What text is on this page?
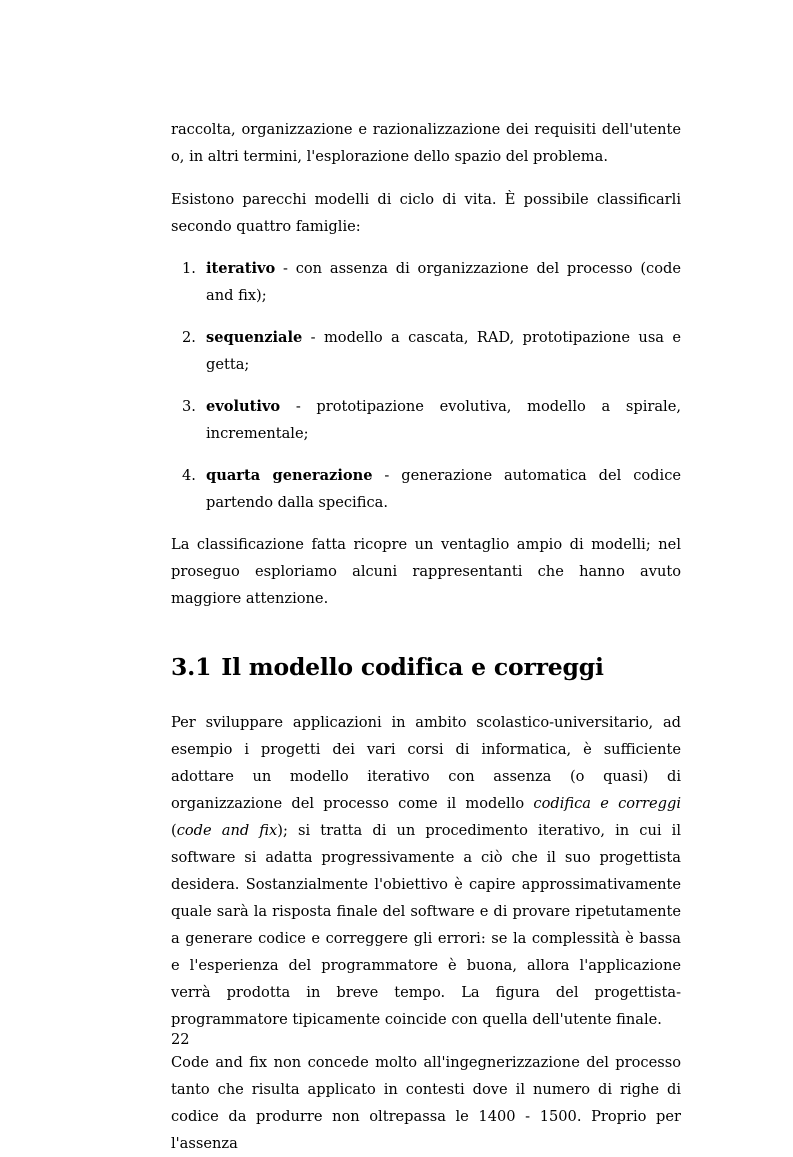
raccolta, organizzazione e razionalizzazione dei requisiti dell'utente o, in altri termini, l'esplorazione dello spazio del problema.

Esistono parecchi modelli di ciclo di vita. È possibile classificarli secondo quattro famiglie:

1. iterativo - con assenza di organizzazione del processo (code and fix);
2. sequenziale - modello a cascata, RAD, prototipazione usa e getta;
3. evolutivo - prototipazione evolutiva, modello a spirale, incrementale;
4. quarta generazione - generazione automatica del codice partendo dalla specifica.

La classificazione fatta ricopre un ventaglio ampio di modelli; nel proseguo esploriamo alcuni rappresentanti che hanno avuto maggiore attenzione.

3.1 Il modello codifica e correggi

Per sviluppare applicazioni in ambito scolastico-universitario, ad esempio i progetti dei vari corsi di informatica, è sufficiente adottare un modello iterativo con assenza (o quasi) di organizzazione del processo come il modello codifica e correggi (code and fix); si tratta di un procedimento iterativo, in cui il software si adatta progressivamente a ciò che il suo progettista desidera. Sostanzialmente l'obiettivo è capire approssimativamente quale sarà la risposta finale del software e di provare ripetutamente a generare codice e correggere gli errori: se la complessità è bassa e l'esperienza del programmatore è buona, allora l'applicazione verrà prodotta in breve tempo. La figura del progettista-programmatore tipicamente coincide con quella dell'utente finale.

Code and fix non concede molto all'ingegnerizzazione del processo tanto che risulta applicato in contesti dove il numero di righe di codice da produrre non oltrepassa le 1400 - 1500. Proprio per l'assenza

22
